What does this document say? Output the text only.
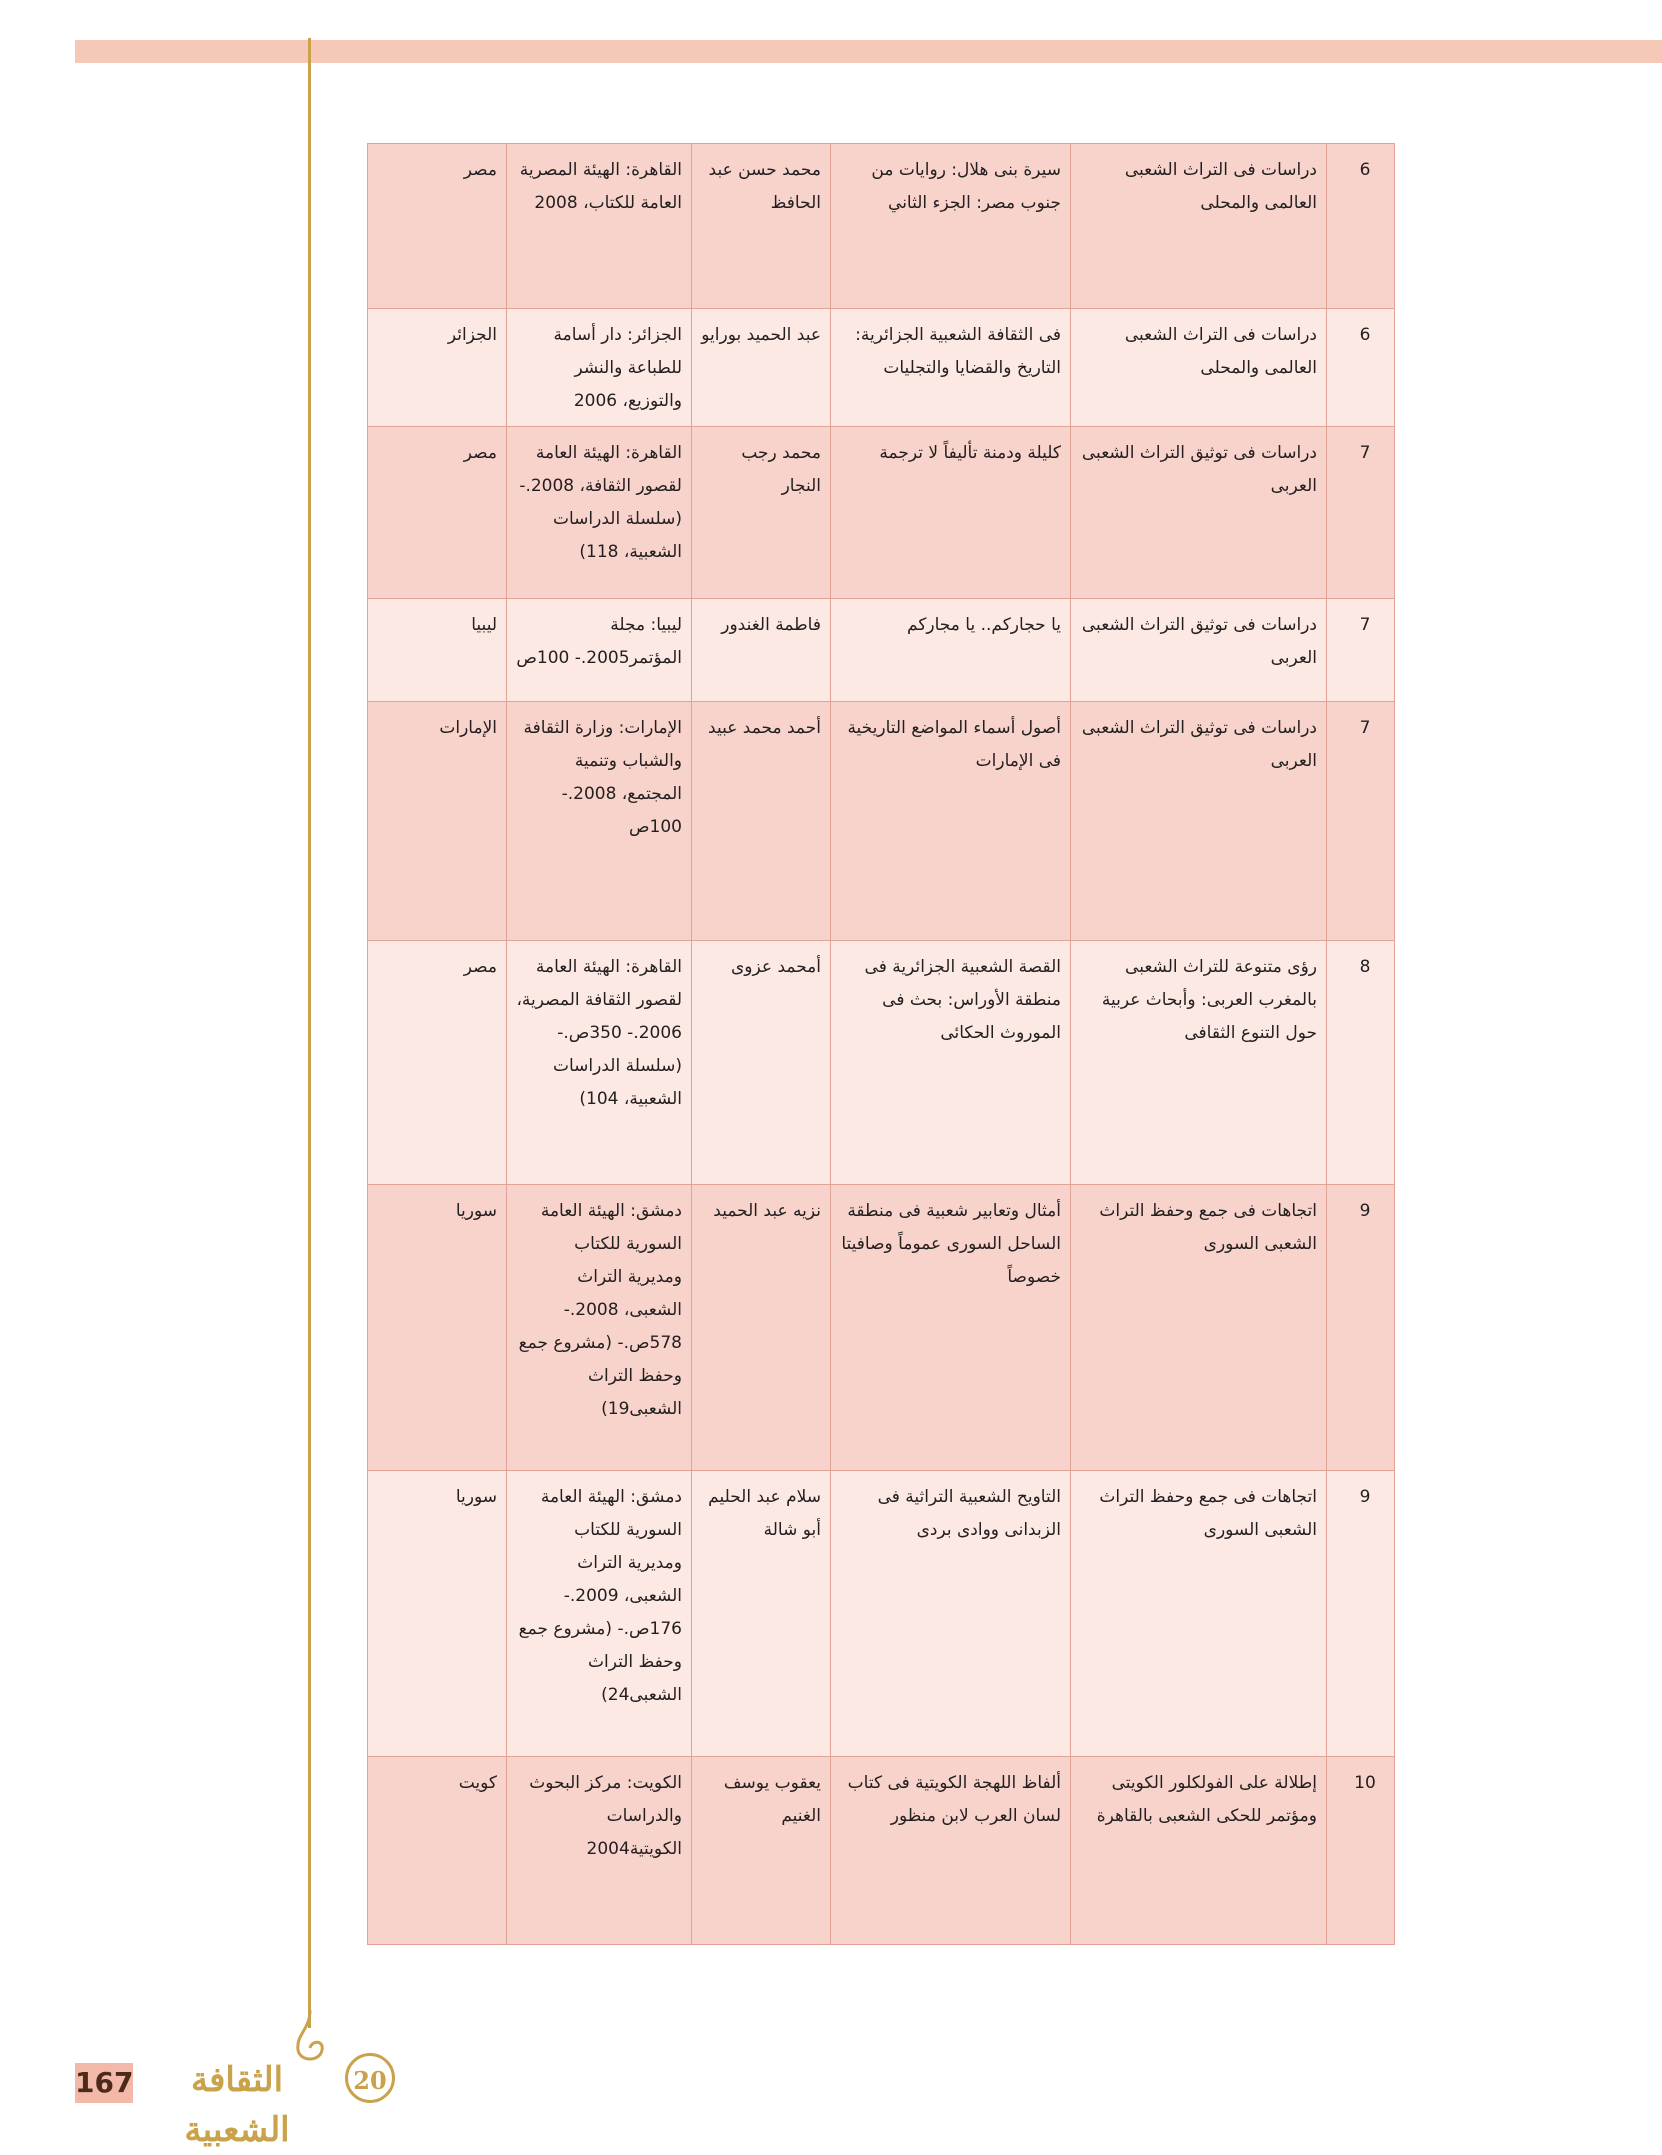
6	دراسات فى التراث الشعبى العالمى والمحلى	سيرة بنى هلال: روايات من جنوب مصر: الجزء الثاني	محمد حسن عبد الحافظ	القاهرة: الهيئة المصرية العامة للكتاب، 2008	مصر
6	دراسات فى التراث الشعبى العالمى والمحلى	فى الثقافة الشعبية الجزائرية: التاريخ والقضايا والتجليات	عبد الحميد بورايو	الجزائر: دار أسامة للطباعة والنشر والتوزيع، 2006	الجزائر
7	دراسات فى توثيق التراث الشعبى العربى	كليلة ودمنة تأليفاً لا ترجمة	محمد رجب النجار	القاهرة: الهيئة العامة لقصور الثقافة، 2008.- (سلسلة الدراسات الشعبية، 118)	مصر
7	دراسات فى توثيق التراث الشعبى العربى	يا حجاركم.. يا مجاركم	فاطمة الغندور	ليبيا: مجلة المؤتمر2005.- 100ص	ليبيا
7	دراسات فى توثيق التراث الشعبى العربى	أصول أسماء المواضع التاريخية فى الإمارات	أحمد محمد عبيد	الإمارات: وزارة الثقافة والشباب وتنمية المجتمع، 2008.- 100ص	الإمارات
8	رؤى متنوعة للتراث الشعبى بالمغرب العربى: وأبحاث عربية حول التنوع الثقافى	القصة الشعبية الجزائرية فى منطقة الأوراس: بحث فى الموروث الحكائى	أمحمد عزوى	القاهرة: الهيئة العامة لقصور الثقافة المصرية، 2006.- 350ص.- (سلسلة الدراسات الشعبية، 104)	مصر
9	اتجاهات فى جمع وحفظ التراث الشعبى السورى	أمثال وتعابير شعبية فى منطقة الساحل السورى عموماً وصافيتا خصوصاً	نزيه عبد الحميد	دمشق: الهيئة العامة السورية للكتاب ومديرية التراث الشعبى، 2008.- 578ص.- (مشروع جمع وحفظ التراث الشعبى19)	سوريا
9	اتجاهات فى جمع وحفظ التراث الشعبى السورى	التاويح الشعبية التراثية فى الزبدانى ووادى بردى	سلام عبد الحليم أبو شالة	دمشق: الهيئة العامة السورية للكتاب ومديرية التراث الشعبى، 2009.- 176ص.- (مشروع جمع وحفظ التراث الشعبى24)	سوريا
10	إطلالة على الفولكلور الكويتى ومؤتمر للحكى الشعبى بالقاهرة	ألفاظ اللهجة الكويتية فى كتاب لسان العرب لابن منظور	يعقوب يوسف الغنيم	الكويت: مركز البحوث والدراسات الكويتية2004	كويت
167	الثقافة الشعبية
20
